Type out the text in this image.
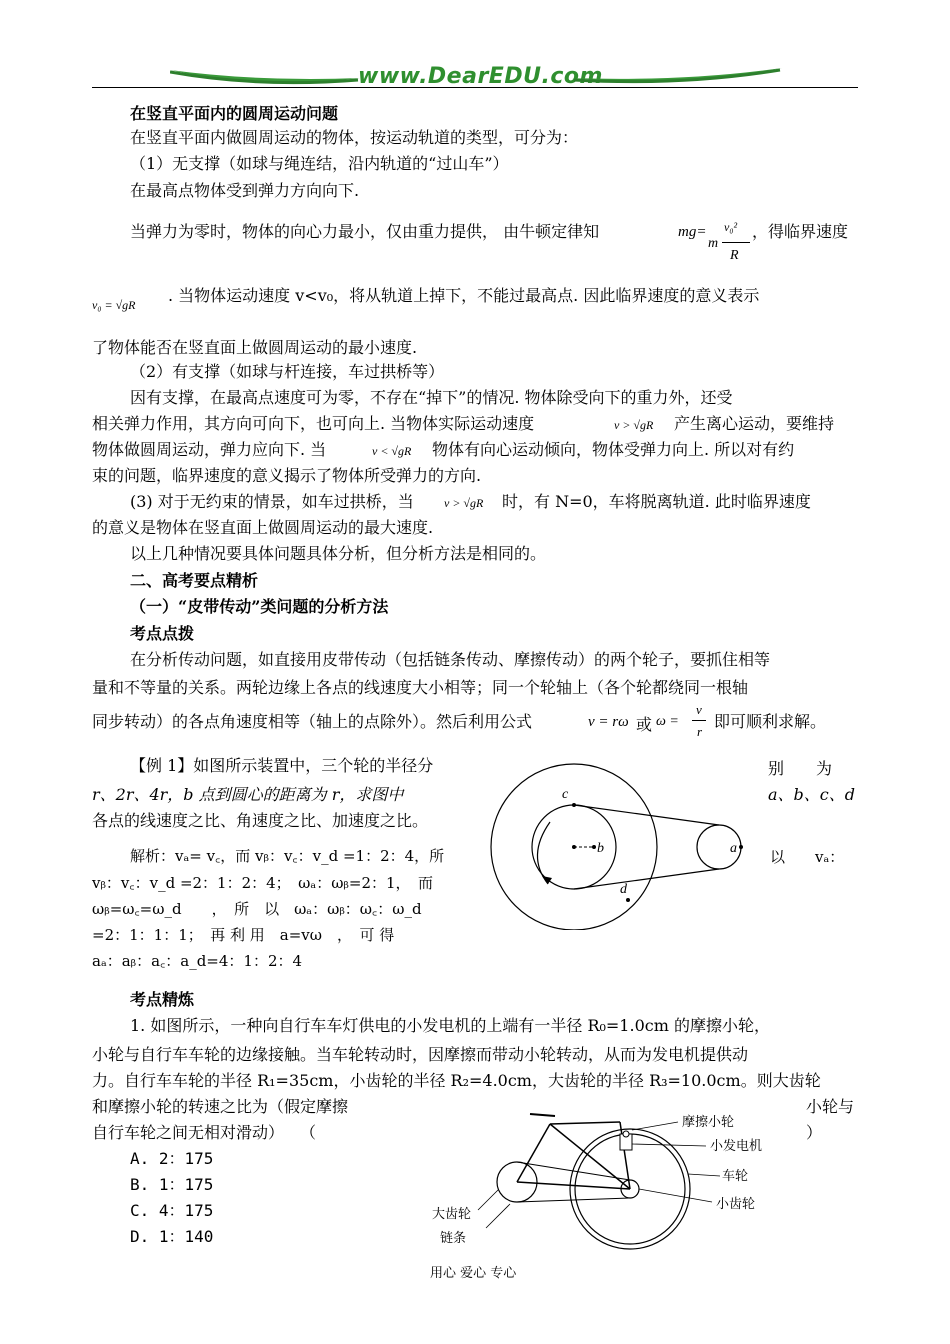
www.DearEDU.com
在竖直平面内的圆周运动问题
在竖直平面内做圆周运动的物体，按运动轨道的类型，可分为：
（1）无支撑（如球与绳连结，沿内轨道的“过山车”）
在最高点物体受到弹力方向向下.
当弹力为零时，物体的向心力最小，仅由重力提供， 由牛顿定律知	mg=
m
v₀²
R
，得临界速度
v₀ = √gR . 当物体运动速度 v<v₀，将从轨道上掉下，不能过最高点. 因此临界速度的意义表示
了物体能否在竖直面上做圆周运动的最小速度.
（2）有支撑（如球与杆连接，车过拱桥等）
因有支撑，在最高点速度可为零，不存在“掉下”的情况. 物体除受向下的重力外，还受
相关弹力作用，其方向可向下，也可向上. 当物体实际运动速度	v > √gR 产生离心运动，要维持
物体做圆周运动，弹力应向下. 当	v < √gR 物体有向心运动倾向，物体受弹力向上. 所以对有约
束的问题，临界速度的意义揭示了物体所受弹力的方向.
(3) 对于无约束的情景，如车过拱桥，当	v > √gR 时，有 N=0，车将脱离轨道. 此时临界速度
的意义是物体在竖直面上做圆周运动的最大速度.
以上几种情况要具体问题具体分析，但分析方法是相同的。
二、高考要点精析
（一）“皮带传动”类问题的分析方法
考点点拨
在分析传动问题，如直接用皮带传动（包括链条传动、摩擦传动）的两个轮子，要抓住相等
量和不等量的关系。两轮边缘上各点的线速度大小相等；同一个轮轴上（各个轮都绕同一根轴
同步转动）的各点角速度相等（轴上的点除外）。然后利用公式	v = rω 或 ω =
v
r
即可顺利求解。
【例 1】如图所示装置中，三个轮的半径分	别　　为
r、2r、4r，b 点到圆心的距离为 r，求图中	a、b、c、d
各点的线速度之比、角速度之比、加速度之比。
解析：vₐ= v꜀，而 vᵦ：v꜀：v_d =1：2：4，所	以　　vₐ：
vᵦ：v꜀：v_d =2：1：2：4；　ωₐ：ωᵦ=2：1，　而
ωᵦ=ω꜀=ω_d　　，　所　以　ωₐ：ωᵦ：ω꜀：ω_d
=2：1：1：1；　再 利 用　a=vω　，　可 得
aₐ：aᵦ：a꜀：a_d=4：1：2：4
c
b	a
d
考点精炼
1. 如图所示，一种向自行车车灯供电的小发电机的上端有一半径 R₀=1.0cm 的摩擦小轮，
小轮与自行车车轮的边缘接触。当车轮转动时，因摩擦而带动小轮转动，从而为发电机提供动
力。自行车车轮的半径 R₁=35cm，小齿轮的半径 R₂=4.0cm，大齿轮的半径 R₃=10.0cm。则大齿轮
和摩擦小轮的转速之比为（假定摩擦	小轮与
自行车轮之间无相对滑动）　　（	）
A. 2：175
B. 1：175
C. 4：175
D. 1：140
摩擦小轮
小发电机
车轮
小齿轮
大齿轮
链条
用心 爱心 专心
